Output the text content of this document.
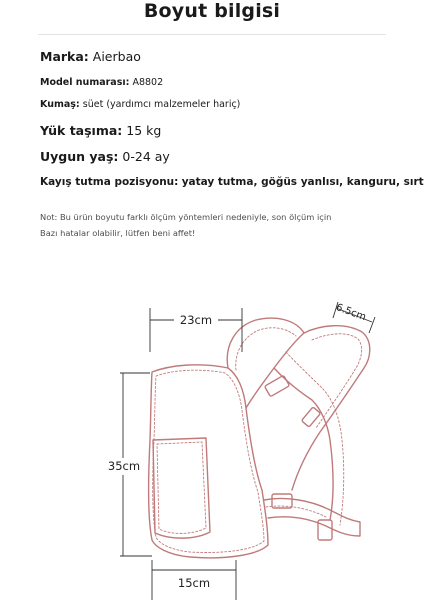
Boyut bilgisi
Marka: Aierbao
Model numarası: A8802
Kumaş: süet (yardımcı malzemeler hariç)
Yük taşıma: 15 kg
Uygun yaş: 0-24 ay
Kayış tutma pozisyonu: yatay tutma, göğüs yanlısı, kanguru, sırt
Not: Bu ürün boyutu farklı ölçüm yöntemleri nedeniyle, son ölçüm için
Bazı hatalar olabilir, lütfen beni affet!
23cm	6.5cm
35cm
15cm
